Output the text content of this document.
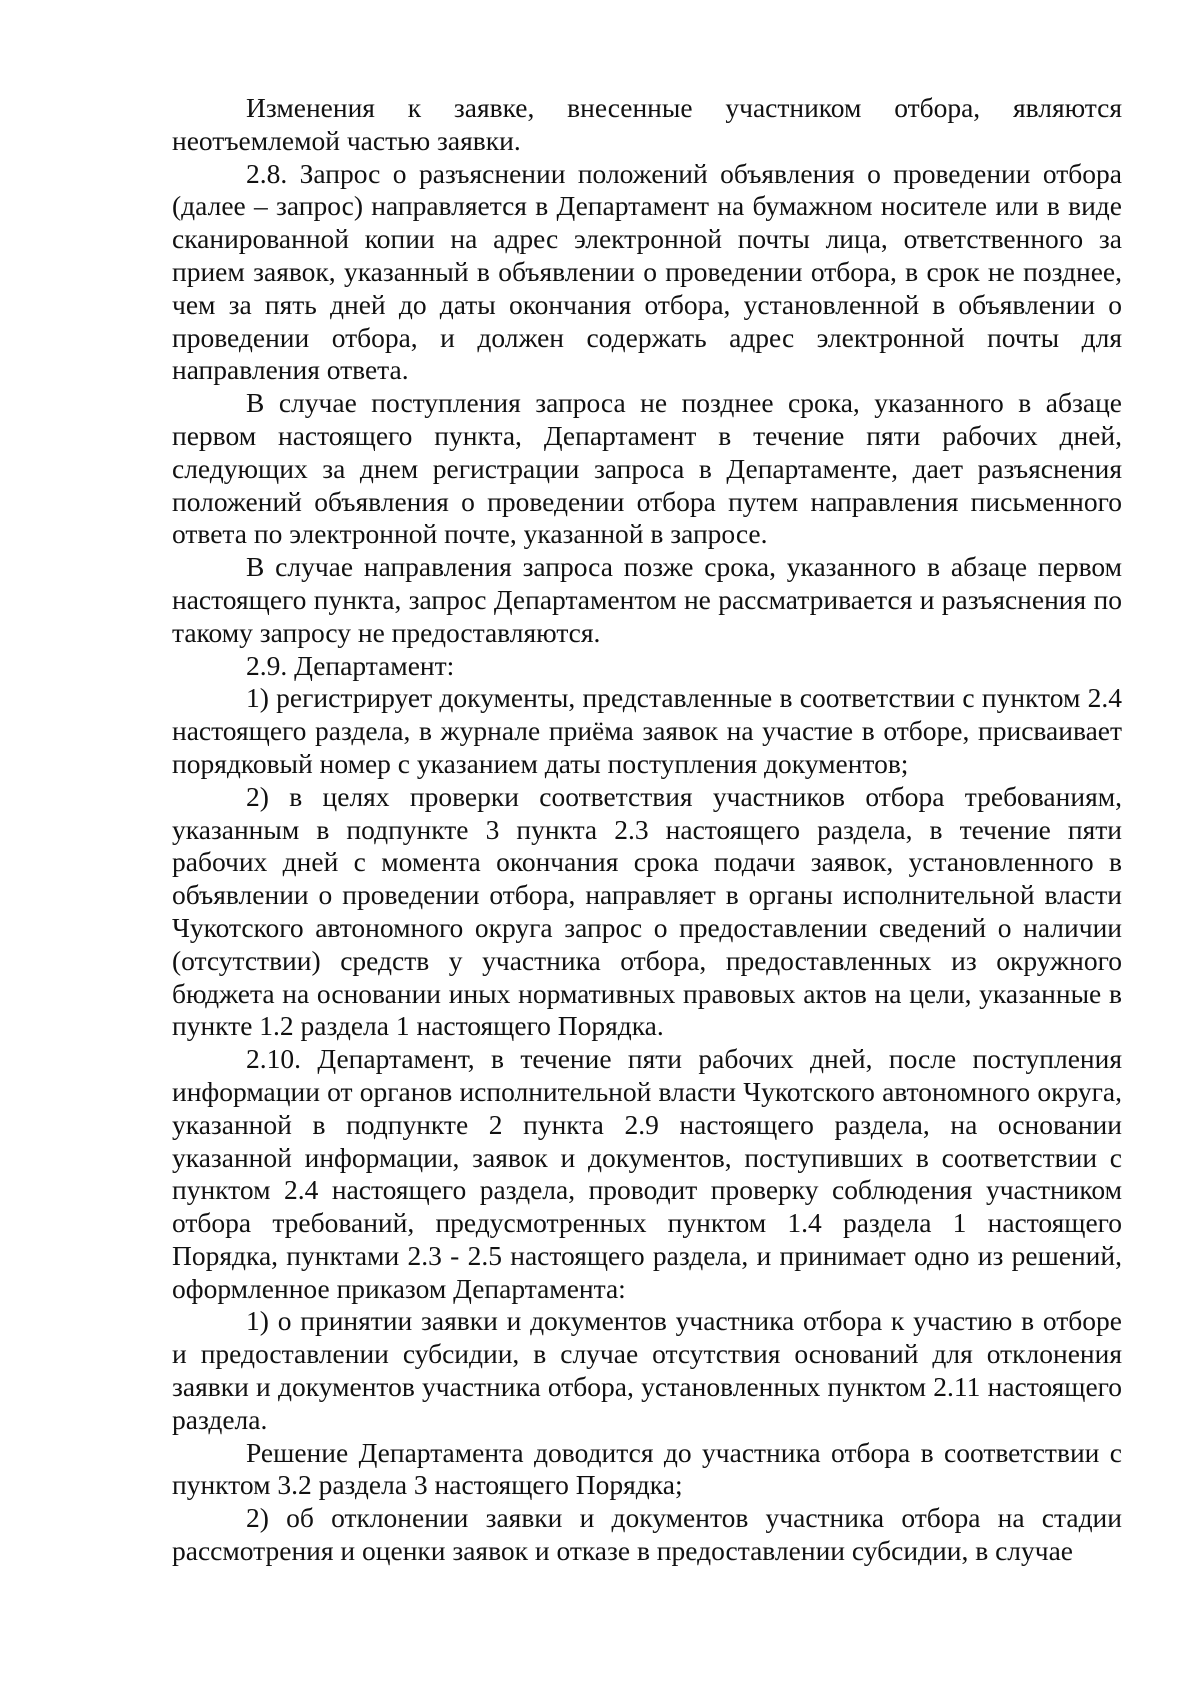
Изменения к заявке, внесенные участником отбора, являются неотъемлемой частью заявки.

2.8. Запрос о разъяснении положений объявления о проведении отбора (далее – запрос) направляется в Департамент на бумажном носителе или в виде сканированной копии на адрес электронной почты лица, ответственного за прием заявок, указанный в объявлении о проведении отбора, в срок не позднее, чем за пять дней до даты окончания отбора, установленной в объявлении о проведении отбора, и должен содержать адрес электронной почты для направления ответа.

В случае поступления запроса не позднее срока, указанного в абзаце первом настоящего пункта, Департамент в течение пяти рабочих дней, следующих за днем регистрации запроса в Департаменте, дает разъяснения положений объявления о проведении отбора путем направления письменного ответа по электронной почте, указанной в запросе.

В случае направления запроса позже срока, указанного в абзаце первом настоящего пункта, запрос Департаментом не рассматривается и разъяснения по такому запросу не предоставляются.

2.9. Департамент:

1) регистрирует документы, представленные в соответствии с пунктом 2.4 настоящего раздела, в журнале приёма заявок на участие в отборе, присваивает порядковый номер с указанием даты поступления документов;

2) в целях проверки соответствия участников отбора требованиям, указанным в подпункте 3 пункта 2.3 настоящего раздела, в течение пяти рабочих дней с момента окончания срока подачи заявок, установленного в объявлении о проведении отбора, направляет в органы исполнительной власти Чукотского автономного округа запрос о предоставлении сведений о наличии (отсутствии) средств у участника отбора, предоставленных из окружного бюджета на основании иных нормативных правовых актов на цели, указанные в пункте 1.2 раздела 1 настоящего Порядка.

2.10. Департамент, в течение пяти рабочих дней, после поступления информации от органов исполнительной власти Чукотского автономного округа, указанной в подпункте 2 пункта 2.9 настоящего раздела, на основании указанной информации, заявок и документов, поступивших в соответствии с пунктом 2.4 настоящего раздела, проводит проверку соблюдения участником отбора требований, предусмотренных пунктом 1.4 раздела 1 настоящего Порядка, пунктами 2.3 - 2.5 настоящего раздела, и принимает одно из решений, оформленное приказом Департамента:

1) о принятии заявки и документов участника отбора к участию в отборе и предоставлении субсидии, в случае отсутствия оснований для отклонения заявки и документов участника отбора, установленных пунктом 2.11 настоящего раздела.

Решение Департамента доводится до участника отбора в соответствии с пунктом 3.2 раздела 3 настоящего Порядка;

2) об отклонении заявки и документов участника отбора на стадии рассмотрения и оценки заявок и отказе в предоставлении субсидии, в случае
